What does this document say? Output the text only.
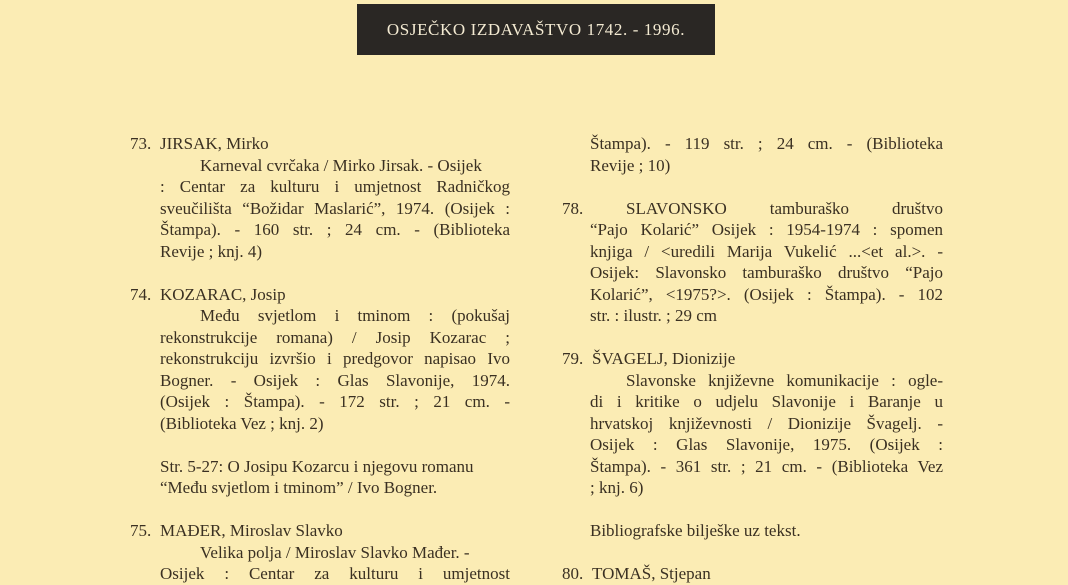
OSJEČKO IZDAVAŠTVO 1742. - 1996.
73. JIRSAK, Mirko
Karneval cvrčaka / Mirko Jirsak. - Osijek
: Centar za kulturu i umjetnost Radničkog
sveučilišta “Božidar Maslarić”, 1974. (Osijek :
Štampa). - 160 str. ; 24 cm. - (Biblioteka
Revije ; knj. 4)
74. KOZARAC, Josip
Među svjetlom i tminom : (pokušaj
rekonstrukcije romana) / Josip Kozarac ;
rekonstrukciju izvršio i predgovor napisao Ivo
Bogner. - Osijek : Glas Slavonije, 1974.
(Osijek : Štampa). - 172 str. ; 21 cm. -
(Biblioteka Vez ; knj. 2)
Str. 5-27: O Josipu Kozarcu i njegovu romanu
“Među svjetlom i tminom” / Ivo Bogner.
75. MAĐER, Miroslav Slavko
Velika polja / Miroslav Slavko Mađer. -
Osijek : Centar za kulturu i umjetnost
Štampa). - 119 str. ; 24 cm. - (Biblioteka
Revije ; 10)
78.	SLAVONSKO tamburaško društvo
“Pajo Kolarić” Osijek : 1954-1974 : spomen
knjiga / <uredili Marija Vukelić ...<et al.>. -
Osijek: Slavonsko tamburaško društvo “Pajo
Kolarić”, <1975?>. (Osijek : Štampa). - 102
str. : ilustr. ; 29 cm
79. ŠVAGELJ, Dionizije
Slavonske književne komunikacije : ogle-
di i kritike o udjelu Slavonije i Baranje u
hrvatskoj književnosti / Dionizije Švagelj. -
Osijek : Glas Slavonije, 1975. (Osijek :
Štampa). - 361 str. ; 21 cm. - (Biblioteka Vez
; knj. 6)
Bibliografske bilješke uz tekst.
80. TOMAŠ, Stjepan
